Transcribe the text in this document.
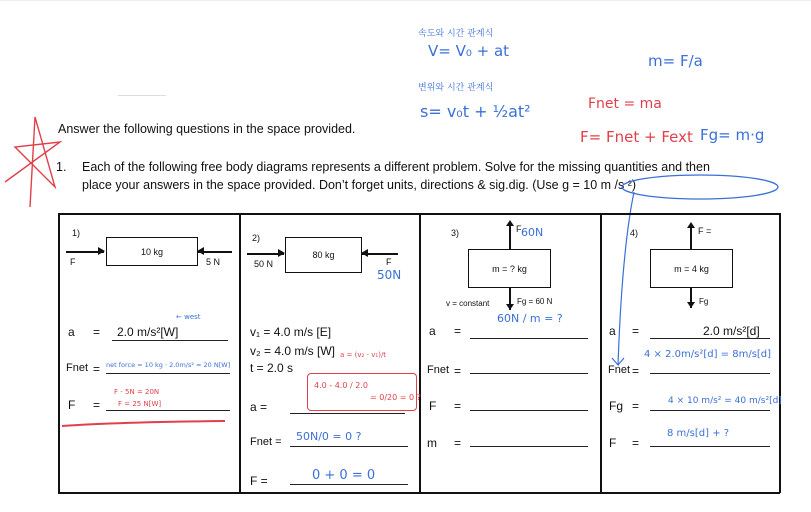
속도와 시간 관계식
V= V₀ + at
변위와 시간 관계식
s= v₀t + ½at²
m= F/a
Fnet = ma
F= Fnet + Fext Fg= m·g
Answer the following questions in the space provided.
1. Each of the following free body diagrams represents a different problem. Solve for the missing quantities and then
place your answers in the space provided. Don’t forget units, directions & sig.dig. (Use g = 10 m /s ²)
1)
10 kg
F	5 N
a = 2.0 m/s²[W]
← west
Fnet = net force = 10 kg · 2.0m/s² = 20 N[W]
F =
F - 5N = 20N
F = 25 N[W]
2)
80 kg
50 N	F
50N
v₁ = 4.0 m/s [E]
v₂ = 4.0 m/s [W]
t = 2.0 s
a = (v₂ - v₁)/t
4.0 - 4.0 / 2.0
= 0/20 = 0 ?
a =
Fnet = 50N/0 = 0 ?
F =	0 + 0 = 0
3)	F 60N
m = ? kg
v = constant	Fg = 60 N
a =
60N / m = ?
Fnet =
F =
m =
4)	F =
m = 4 kg
Fg
a =	2.0 m/s²[d]
Fnet =
4 × 2.0m/s²[d] = 8m/s[d]
Fg =	4 × 10 m/s² = 40 m/s²[d]
F =
8 m/s[d] + ?
